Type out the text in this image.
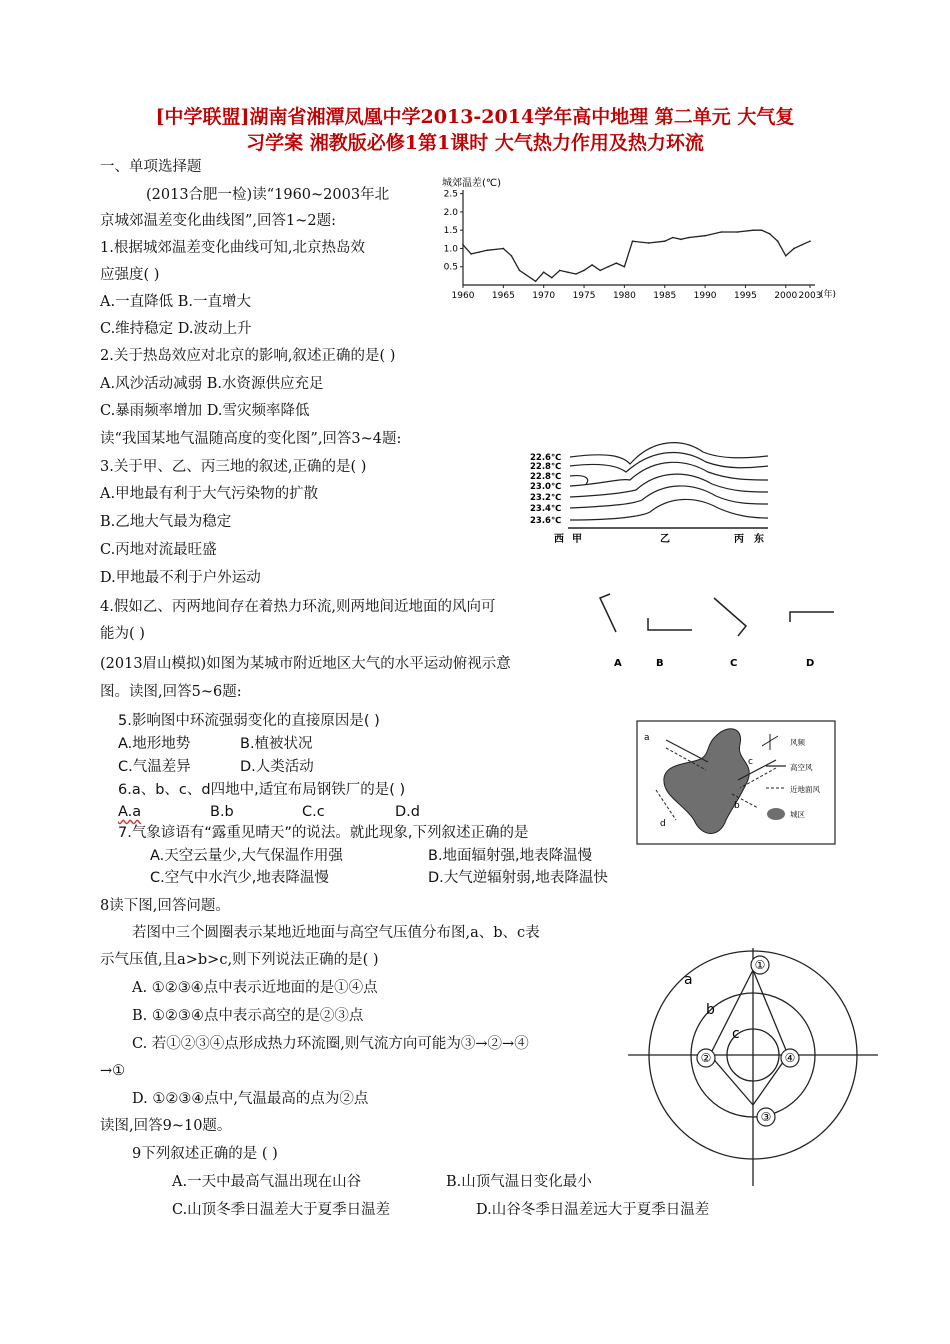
[中学联盟]湖南省湘潭凤凰中学2013-2014学年高中地理 第二单元 大气复
习学案 湘教版必修1第1课时 大气热力作用及热力环流
一、单项选择题
(2013合肥一检)读“1960~2003年北
京城郊温差变化曲线图”,回答1~2题:
1.根据城郊温差变化曲线可知,北京热岛效
应强度( )
A.一直降低 B.一直增大
C.维持稳定 D.波动上升
2.关于热岛效应对北京的影响,叙述正确的是( )
A.风沙活动减弱 B.水资源供应充足
C.暴雨频率增加 D.雪灾频率降低
读“我国某地气温随高度的变化图”,回答3~4题:
3.关于甲、乙、丙三地的叙述,正确的是( )
A.甲地最有利于大气污染物的扩散
B.乙地大气最为稳定
C.丙地对流最旺盛
D.甲地最不利于户外运动
4.假如乙、丙两地间存在着热力环流,则两地间近地面的风向可
能为( )
(2013眉山模拟)如图为某城市附近地区大气的水平运动俯视示意
图。读图,回答5~6题:
5.影响图中环流强弱变化的直接原因是( )
A.地形地势	B.植被状况
C.气温差异	D.人类活动
6.a、b、c、d四地中,适宜布局钢铁厂的是( )
A.a	B.b	C.c	D.d
7.气象谚语有“露重见晴天”的说法。就此现象,下列叙述正确的是
A.天空云量少,大气保温作用强	B.地面辐射强,地表降温慢
C.空气中水汽少,地表降温慢	D.大气逆辐射弱,地表降温快
8读下图,回答问题。
若图中三个圆圈表示某地近地面与高空气压值分布图,a、b、c表
示气压值,且a>b>c,则下列说法正确的是( )
A. ①②③④点中表示近地面的是①④点
B. ①②③④点中表示高空的是②③点
C. 若①②③④点形成热力环流圈,则气流方向可能为③→②→④
→①
D. ①②③④点中,气温最高的点为②点
读图,回答9~10题。
9下列叙述正确的是 ( )
A.一天中最高气温出现在山谷	B.山顶气温日变化最小
C.山顶冬季日温差大于夏季日温差	D.山谷冬季日温差远大于夏季日温差
城郊温差(℃)
0.5
1.0
1.5
2.0
2.5
1960 1965 1970 1975 1980 1985 1990 1995 2000 2003
(年)
22.6℃
22.8℃
22.8℃
23.0℃
23.2℃
23.4℃
23.6℃
西 甲	乙	丙 东
A	B	C	D
a
b
c
d
风频
高空风
近地面风
城区
a
b
c
①
②
③
④
